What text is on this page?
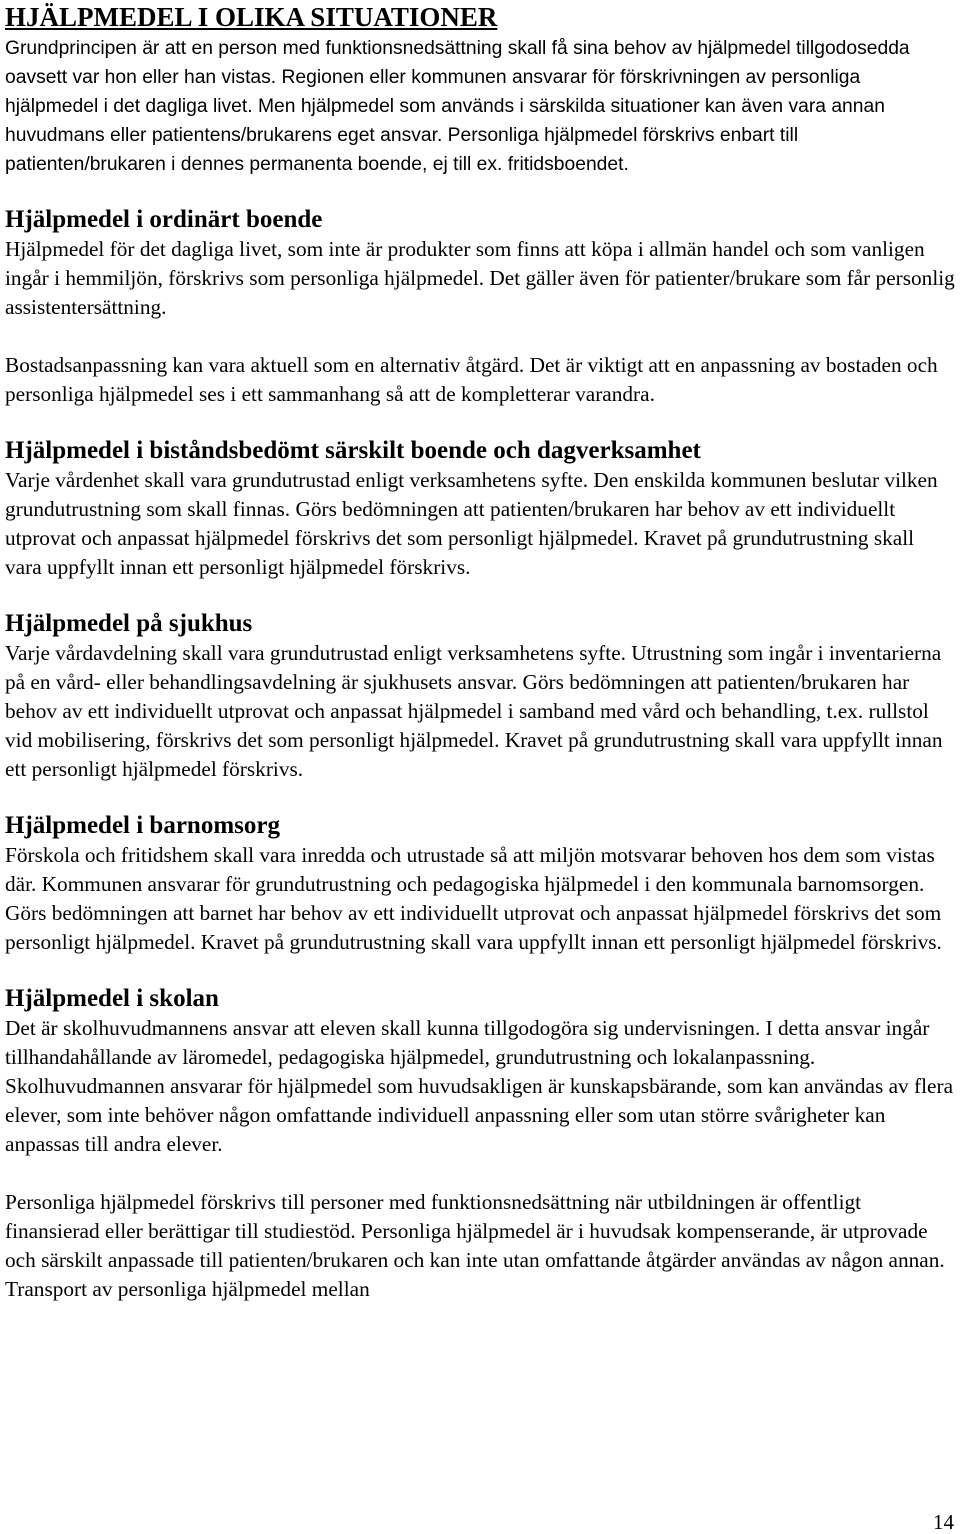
HJÄLPMEDEL I OLIKA SITUATIONER

Grundprincipen är att en person med funktionsnedsättning skall få sina behov av hjälpmedel tillgodosedda oavsett var hon eller han vistas. Regionen eller kommunen ansvarar för förskrivningen av personliga hjälpmedel i det dagliga livet. Men hjälpmedel som används i särskilda situationer kan även vara annan huvudmans eller patientens/brukarens eget ansvar. Personliga hjälpmedel förskrivs enbart till patienten/brukaren i dennes permanenta boende, ej till ex. fritidsboendet.

Hjälpmedel i ordinärt boende

Hjälpmedel för det dagliga livet, som inte är produkter som finns att köpa i allmän handel och som vanligen ingår i hemmiljön, förskrivs som personliga hjälpmedel. Det gäller även för patienter/brukare som får personlig assistentersättning.

Bostadsanpassning kan vara aktuell som en alternativ åtgärd. Det är viktigt att en anpassning av bostaden och personliga hjälpmedel ses i ett sammanhang så att de kompletterar varandra.

Hjälpmedel i biståndsbedömt särskilt boende och dagverksamhet

Varje vårdenhet skall vara grundutrustad enligt verksamhetens syfte. Den enskilda kommunen beslutar vilken grundutrustning som skall finnas. Görs bedömningen att patienten/brukaren har behov av ett individuellt utprovat och anpassat hjälpmedel förskrivs det som personligt hjälpmedel. Kravet på grundutrustning skall vara uppfyllt innan ett personligt hjälpmedel förskrivs.

Hjälpmedel på sjukhus

Varje vårdavdelning skall vara grundutrustad enligt verksamhetens syfte. Utrustning som ingår i inventarierna på en vård- eller behandlingsavdelning är sjukhusets ansvar. Görs bedömningen att patienten/brukaren har behov av ett individuellt utprovat och anpassat hjälpmedel i samband med vård och behandling, t.ex. rullstol vid mobilisering, förskrivs det som personligt hjälpmedel. Kravet på grundutrustning skall vara uppfyllt innan ett personligt hjälpmedel förskrivs.

Hjälpmedel i barnomsorg

Förskola och fritidshem skall vara inredda och utrustade så att miljön motsvarar behoven hos dem som vistas där. Kommunen ansvarar för grundutrustning och pedagogiska hjälpmedel i den kommunala barnomsorgen. Görs bedömningen att barnet har behov av ett individuellt utprovat och anpassat hjälpmedel förskrivs det som personligt hjälpmedel. Kravet på grundutrustning skall vara uppfyllt innan ett personligt hjälpmedel förskrivs.

Hjälpmedel i skolan

Det är skolhuvudmannens ansvar att eleven skall kunna tillgodogöra sig undervisningen. I detta ansvar ingår tillhandahållande av läromedel, pedagogiska hjälpmedel, grundutrustning och lokalanpassning. Skolhuvudmannen ansvarar för hjälpmedel som huvudsakligen är kunskapsbärande, som kan användas av flera elever, som inte behöver någon omfattande individuell anpassning eller som utan större svårigheter kan anpassas till andra elever.

Personliga hjälpmedel förskrivs till personer med funktionsnedsättning när utbildningen är offentligt finansierad eller berättigar till studiestöd. Personliga hjälpmedel är i huvudsak kompenserande, är utprovade och särskilt anpassade till patienten/brukaren och kan inte utan omfattande åtgärder användas av någon annan. Transport av personliga hjälpmedel mellan

14
